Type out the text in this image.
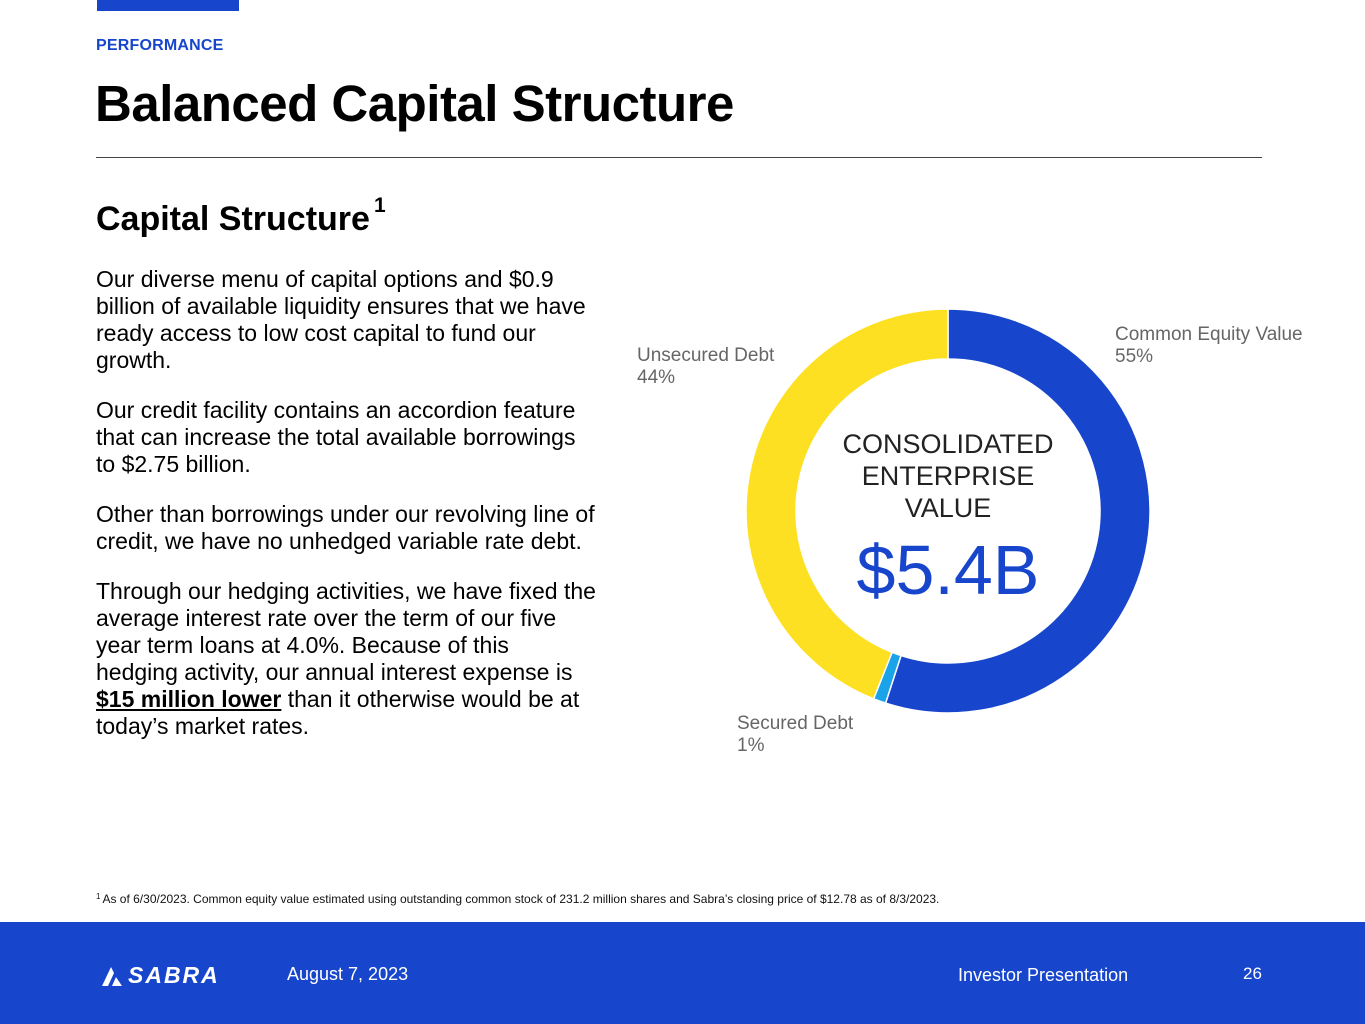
PERFORMANCE
Balanced Capital Structure
Capital Structure $^1$

Our diverse menu of capital options and $0.9 billion of available liquidity ensures that we have ready access to low cost capital to fund our growth.

Our credit facility contains an accordion feature that can increase the total available borrowings to $2.75 billion.

Other than borrowings under our revolving line of credit, we have no unhedged variable rate debt.

Through our hedging activities, we have fixed the average interest rate over the term of our five year term loans at 4.0%. Because of this hedging activity, our annual interest expense is $15 million lower than it otherwise would be at today’s market rates.

Common Equity Value
55%
Secured Debt
1%
Unsecured Debt
44%
CONSOLIDATED ENTERPRISE VALUE
$5.4B
$^1$ As of 6/30/2023. Common equity value estimated using outstanding common stock of 231.2 million shares and Sabra’s closing price of $12.78 as of 8/3/2023.
SABRA	August 7, 2023	Investor Presentation	26
